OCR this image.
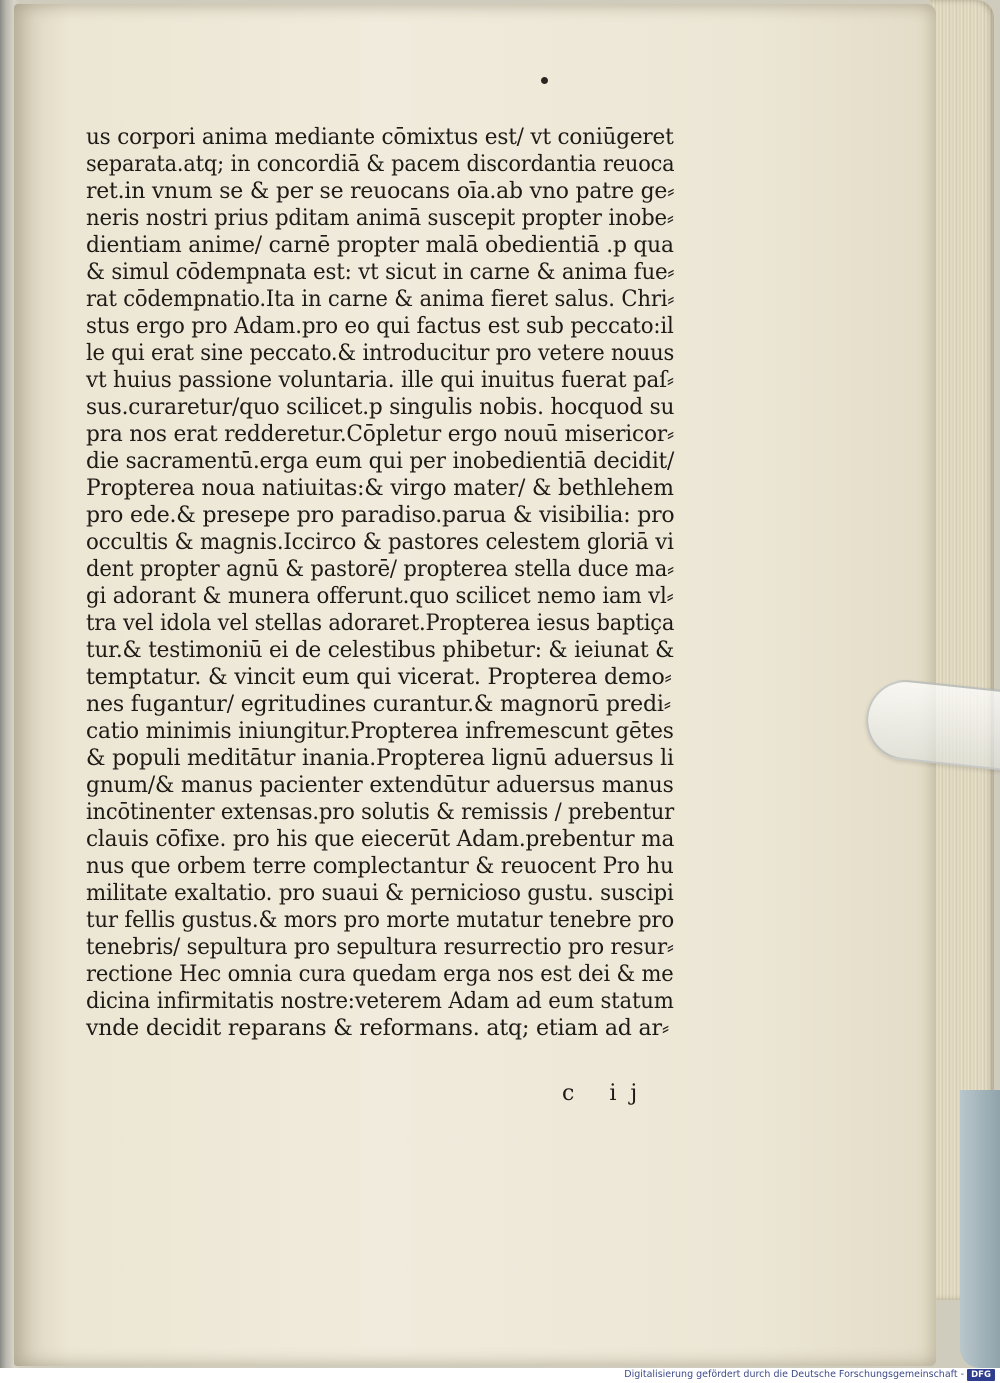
us corpori anima mediante cōmixtus est/ vt coniūgeret
separata.atq; in concordiā & pacem discordantia reuoca
ret.in vnum se & per se reuocans oīa.ab vno patre ge⸗
neris nostri prius pditam animā suscepit propter inobe⸗
dientiam anime/ carnē propter malā obedientiā .p qua
& simul cōdempnata est: vt sicut in carne & anima fue⸗
rat cōdempnatio.Ita in carne & anima fieret salus. Chri⸗
stus ergo pro Adam.pro eo qui factus est sub peccato:il
le qui erat sine peccato.& introducitur pro vetere nouus
vt huius passione voluntaria. ille qui inuitus fuerat paſ⸗
sus.curaretur/quo scilicet.p singulis nobis. hocquod su
pra nos erat redderetur.Cōpletur ergo nouū misericor⸗
die sacramentū.erga eum qui per inobedientiā decidit/
Propterea noua natiuitas:& virgo mater/ & bethlehem
pro ede.& presepe pro paradiso.parua & visibilia: pro
occultis & magnis.Iccirco & pastores celestem gloriā vi
dent propter agnū & pastorē/ propterea stella duce ma⸗
gi adorant & munera offerunt.quo scilicet nemo iam vl⸗
tra vel idola vel stellas adoraret.Propterea iesus baptiça
tur.& testimoniū ei de celestibus phibetur: & ieiunat &
temptatur. & vincit eum qui vicerat. Propterea demo⸗
nes fugantur/ egritudines curantur.& magnorū predi⸗
catio minimis iniungitur.Propterea infremescunt gētes
& populi meditātur inania.Propterea lignū aduersus li
gnum/& manus pacienter extendūtur aduersus manus
incōtinenter extensas.pro solutis & remissis / prebentur
clauis cōfixe. pro his que eiecerūt Adam.prebentur ma
nus que orbem terre complectantur & reuocent Pro hu
militate exaltatio. pro suaui & pernicioso gustu. suscipi
tur fellis gustus.& mors pro morte mutatur tenebre pro
tenebris/ sepultura pro sepultura resurrectio pro resur⸗
rectione Hec omnia cura quedam erga nos est dei & me
dicina infirmitatis nostre:veterem Adam ad eum statum
vnde decidit reparans & reformans. atq; etiam ad ar⸗
c ij
Digitalisierung gefördert durch die Deutsche Forschungsgemeinschaft - DFG
